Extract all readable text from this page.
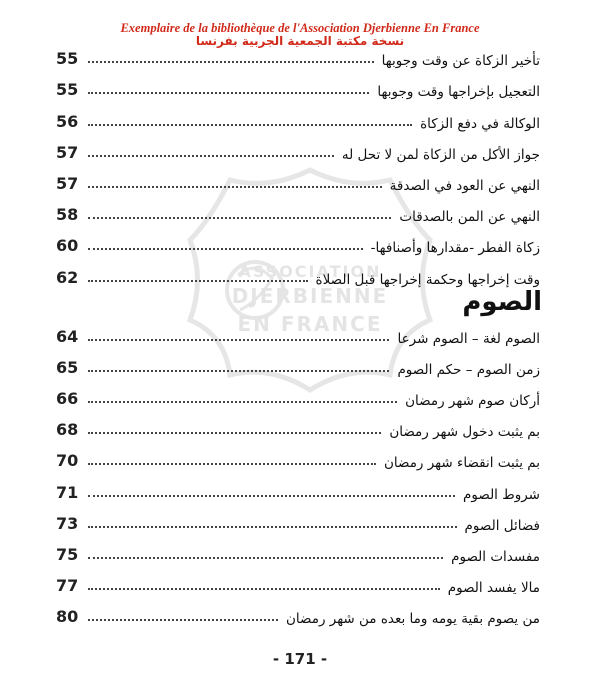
Exemplaire de la bibliothèque de l'Association Djerbienne En France
نسخة مكتبة الجمعية الجربية بفرنسا
ASSOCIATION
DJERBIENNE
EN FRANCE
55	تأخير الزكاة عن وقت وجوبها
55	التعجيل بإخراجها وقت وجوبها
56	الوكالة في دفع الزكاة
57	جواز الأكل من الزكاة لمن لا تحل له
57	النهي عن العود في الصدقة
58	النهي عن المن بالصدقات
60	زكاة الفطر -مقدارها وأصنافها-
62	وقت إخراجها وحكمة إخراجها قبل الصلاة
الصوم
64	الصوم لغة – الصوم شرعا
65	زمن الصوم – حكم الصوم
66	أركان صوم شهر رمضان
68	بم يثبت دخول شهر رمضان
70	بم يثبت انقضاء شهر رمضان
71	شروط الصوم
73	فضائل الصوم
75	مفسدات الصوم
77	مالا يفسد الصوم
80	من يصوم بقية يومه وما بعده من شهر رمضان
- 171 -
